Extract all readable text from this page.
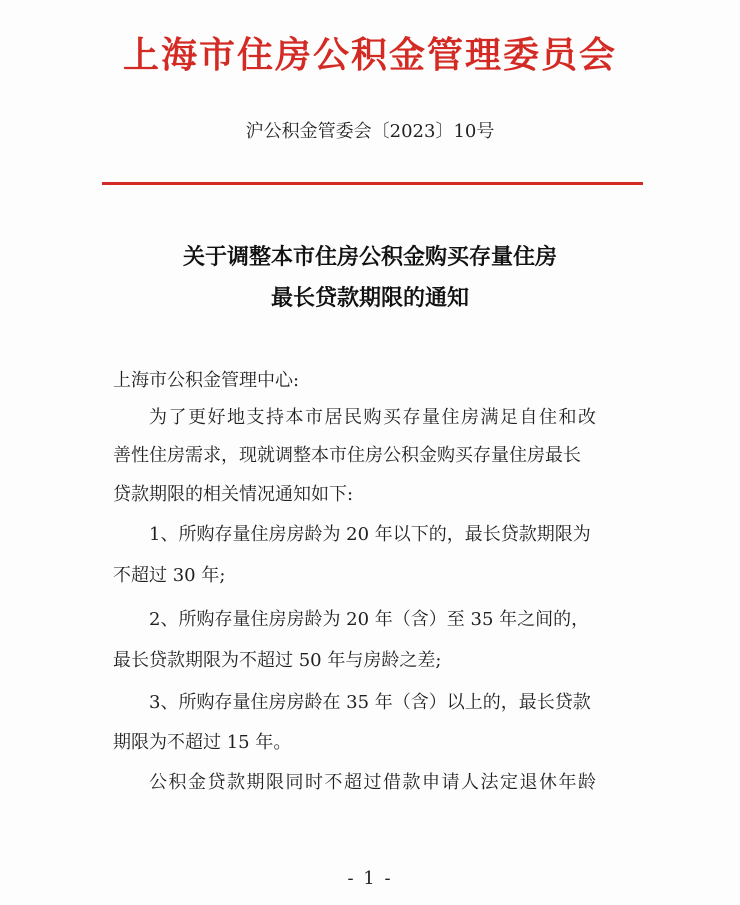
上海市住房公积金管理委员会
沪公积金管委会〔2023〕10号
关于调整本市住房公积金购买存量住房
最长贷款期限的通知
上海市公积金管理中心:
为了更好地支持本市居民购买存量住房满足自住和改
善性住房需求，现就调整本市住房公积金购买存量住房最长
贷款期限的相关情况通知如下:
1、所购存量住房房龄为 20 年以下的，最长贷款期限为
不超过 30 年;
2、所购存量住房房龄为 20 年（含）至 35 年之间的，
最长贷款期限为不超过 50 年与房龄之差;
3、所购存量住房房龄在 35 年（含）以上的，最长贷款
期限为不超过 15 年。
公积金贷款期限同时不超过借款申请人法定退休年龄
- 1 -
